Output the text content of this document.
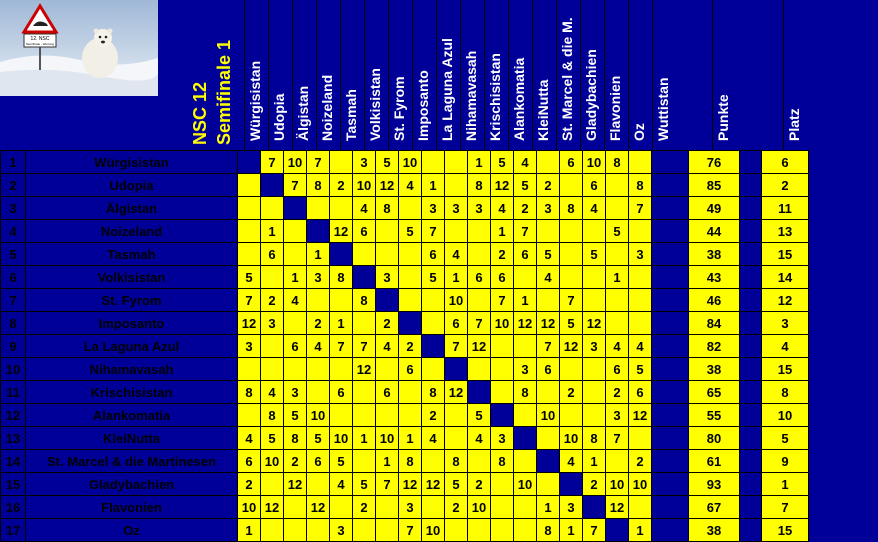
12. NSC
Semifinale - Wertung
NSC 12 Semifinale 1 Würgisistan Udopia Älgistan Noizeland Tasmah Volkisistan St. Fyrom Imposanto La Laguna Azul Nihamavasah Krischisistan Alankomatia KleiNutta St. Marcel & die M. Gladybachien Flavonien Oz Wuttistan	Punkte	Platz
1	Würgisistan		7	10	7		3	5	10			1	5	4		6	10	8			76		6
2	Udopia			7	8	2	10	12	4	1		8	12	5	2		6		8		85		2
3	Älgistan						4	8		3	3	3	4	2	3	8	4		7		49		11
4	Noizeland		1			12	6		5	7			1	7				5			44		13
5	Tasmah		6		1					6	4		2	6	5		5		3		38		15
6	Volkisistan	5		1	3	8		3		5	1	6	6		4			1			43		14
7	St. Fyrom	7	2	4			8				10		7	1		7					46		12
8	Imposanto	12	3		2	1		2			6	7	10	12	12	5	12				84		3
9	La Laguna Azul	3		6	4	7	7	4	2		7	12			7	12	3	4	4		82		4
10	Nihamavasah						12		6					3	6			6	5		38		15
11	Krischisistan	8	4	3		6		6		8	12			8		2		2	6		65		8
12	Alankomatia		8	5	10					2		5			10			3	12		55		10
13	KleiNutta	4	5	8	5	10	1	10	1	4		4	3			10	8	7			80		5
14	St. Marcel & die Martinesen	6	10	2	6	5		1	8		8		8			4	1		2		61		9
15	Gladybachien	2		12		4	5	7	12	12	5	2		10			2	10	10		93		1
16	Flavonien	10	12		12		2		3		2	10			1	3		12			67		7
17	Oz	1				3			7	10					8	1	7		1		38		15
